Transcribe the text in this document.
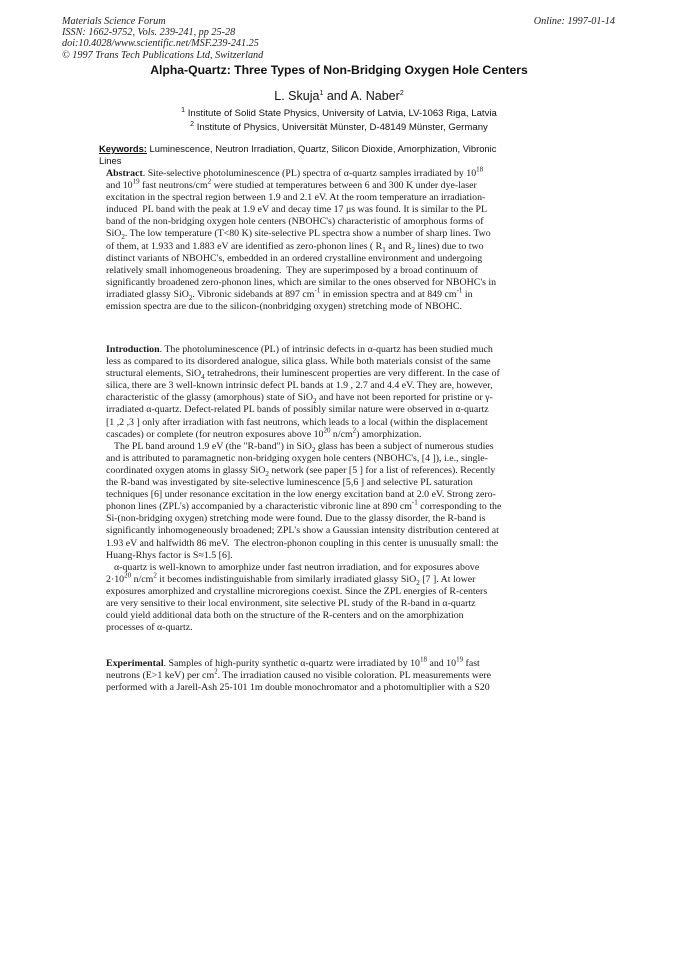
Materials Science Forum
ISSN: 1662-9752, Vols. 239-241, pp 25-28
doi:10.4028/www.scientific.net/MSF.239-241.25
© 1997 Trans Tech Publications Ltd, Switzerland
Online: 1997-01-14
Alpha-Quartz: Three Types of Non-Bridging Oxygen Hole Centers
L. Skuja$^1$ and A. Naber$^2$
$^1$ Institute of Solid State Physics, University of Latvia, LV-1063 Riga, Latvia
$^2$ Institute of Physics, Universität Münster, D-48149 Münster, Germany
Keywords: Luminescence, Neutron Irradiation, Quartz, Silicon Dioxide, Amorphization, Vibronic
Lines
Abstract. Site-selective photoluminescence (PL) spectra of α-quartz samples irradiated by $10^{18}$
and $10^{19}$ fast neutrons/$cm^2$ were studied at temperatures between 6 and 300 K under dye-laser
excitation in the spectral region between 1.9 and 2.1 eV. At the room temperature an irradiation-
induced  PL band with the peak at 1.9 eV and decay time 17 μs was found. It is similar to the PL
band of the non-bridging oxygen hole centers (NBOHC's) characteristic of amorphous forms of
SiO$_2$. The low temperature (T<80 K) site-selective PL spectra show a number of sharp lines. Two
of them, at 1.933 and 1.883 eV are identified as zero-phonon lines ( $R_1$ and $R_2$ lines) due to two
distinct variants of NBOHC's, embedded in an ordered crystalline environment and undergoing
relatively small inhomogeneous broadening.  They are superimposed by a broad continuum of
significantly broadened zero-phonon lines, which are similar to the ones observed for NBOHC's in
irradiated glassy SiO$_2$. Vibronic sidebands at 897 $cm^{-1}$ in emission spectra and at 849 $cm^{-1}$ in
emission spectra are due to the silicon-(nonbridging oxygen) stretching mode of NBOHC.
Introduction. The photoluminescence (PL) of intrinsic defects in α-quartz has been studied much
less as compared to its disordered analogue, silica glass. While both materials consist of the same
structural elements, SiO$_4$ tetrahedrons, their luminescent properties are very different. In the case of
silica, there are 3 well-known intrinsic defect PL bands at 1.9 , 2.7 and 4.4 eV. They are, however,
characteristic of the glassy (amorphous) state of SiO$_2$ and have not been reported for pristine or γ-
irradiated α-quartz. Defect-related PL bands of possibly similar nature were observed in α-quartz
[1 ,2 ,3 ] only after irradiation with fast neutrons, which leads to a local (within the displacement
cascades) or complete (for neutron exposures above $10^{20}$ $n/cm^2$) amorphization.
The PL band around 1.9 eV (the "R-band") in SiO$_2$ glass has been a subject of numerous studies
and is attributed to paramagnetic non-bridging oxygen hole centers (NBOHC's, [4 ]), i.e., single-
coordinated oxygen atoms in glassy SiO$_2$ network (see paper [5 ] for a list of references). Recently
the R-band was investigated by site-selective luminescence [5,6 ] and selective PL saturation
techniques [6] under resonance excitation in the low energy excitation band at 2.0 eV. Strong zero-
phonon lines (ZPL's) accompanied by a characteristic vibronic line at 890 $cm^{-1}$ corresponding to the
Si-(non-bridging oxygen) stretching mode were found. Due to the glassy disorder, the R-band is
significantly inhomogeneously broadened; ZPL's show a Gaussian intensity distribution centered at
1.93 eV and halfwidth 86 meV.  The electron-phonon coupling in this center is unusually small: the
Huang-Rhys factor is S≈1.5 [6].
α-quartz is well-known to amorphize under fast neutron irradiation, and for exposures above
$2\cdot 10^{20}$ $n/cm^2$ it becomes indistinguishable from similarly irradiated glassy SiO$_2$ [7 ]. At lower
exposures amorphized and crystalline microregions coexist. Since the ZPL energies of R-centers
are very sensitive to their local environment, site selective PL study of the R-band in α-quartz
could yield additional data both on the structure of the R-centers and on the amorphization
processes of α-quartz.
Experimental. Samples of high-purity synthetic α-quartz were irradiated by $10^{18}$ and $10^{19}$ fast
neutrons (E>1 keV) per $cm^2$. The irradiation caused no visible coloration. PL measurements were
performed with a Jarell-Ash 25-101 1m double monochromator and a photomultiplier with a S20
